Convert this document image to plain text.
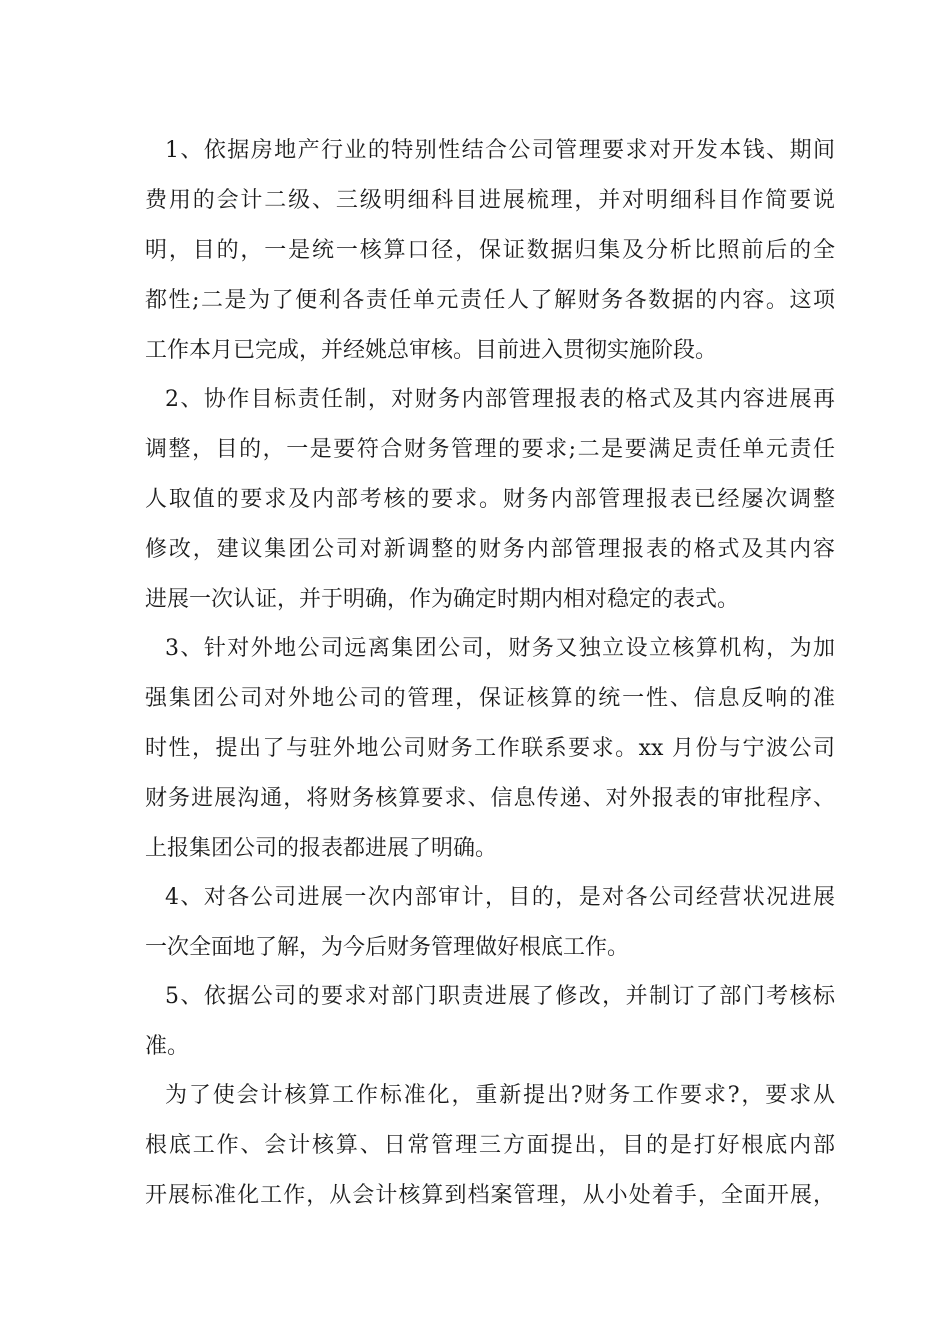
1、依据房地产行业的特别性结合公司管理要求对开发本钱、期间
费用的会计二级、三级明细科目进展梳理，并对明细科目作简要说
明，目的，一是统一核算口径，保证数据归集及分析比照前后的全
都性;二是为了便利各责任单元责任人了解财务各数据的内容。这项
工作本月已完成，并经姚总审核。目前进入贯彻实施阶段。
2、协作目标责任制，对财务内部管理报表的格式及其内容进展再
调整，目的，一是要符合财务管理的要求;二是要满足责任单元责任
人取值的要求及内部考核的要求。财务内部管理报表已经屡次调整
修改，建议集团公司对新调整的财务内部管理报表的格式及其内容
进展一次认证，并于明确，作为确定时期内相对稳定的表式。
3、针对外地公司远离集团公司，财务又独立设立核算机构，为加
强集团公司对外地公司的管理，保证核算的统一性、信息反响的准
时性，提出了与驻外地公司财务工作联系要求。xx 月份与宁波公司
财务进展沟通，将财务核算要求、信息传递、对外报表的审批程序、
上报集团公司的报表都进展了明确。
4、对各公司进展一次内部审计，目的，是对各公司经营状况进展
一次全面地了解，为今后财务管理做好根底工作。
5、依据公司的要求对部门职责进展了修改，并制订了部门考核标
准。
为了使会计核算工作标准化，重新提出?财务工作要求?，要求从
根底工作、会计核算、日常管理三方面提出，目的是打好根底内部
开展标准化工作，从会计核算到档案管理，从小处着手，全面开展，
